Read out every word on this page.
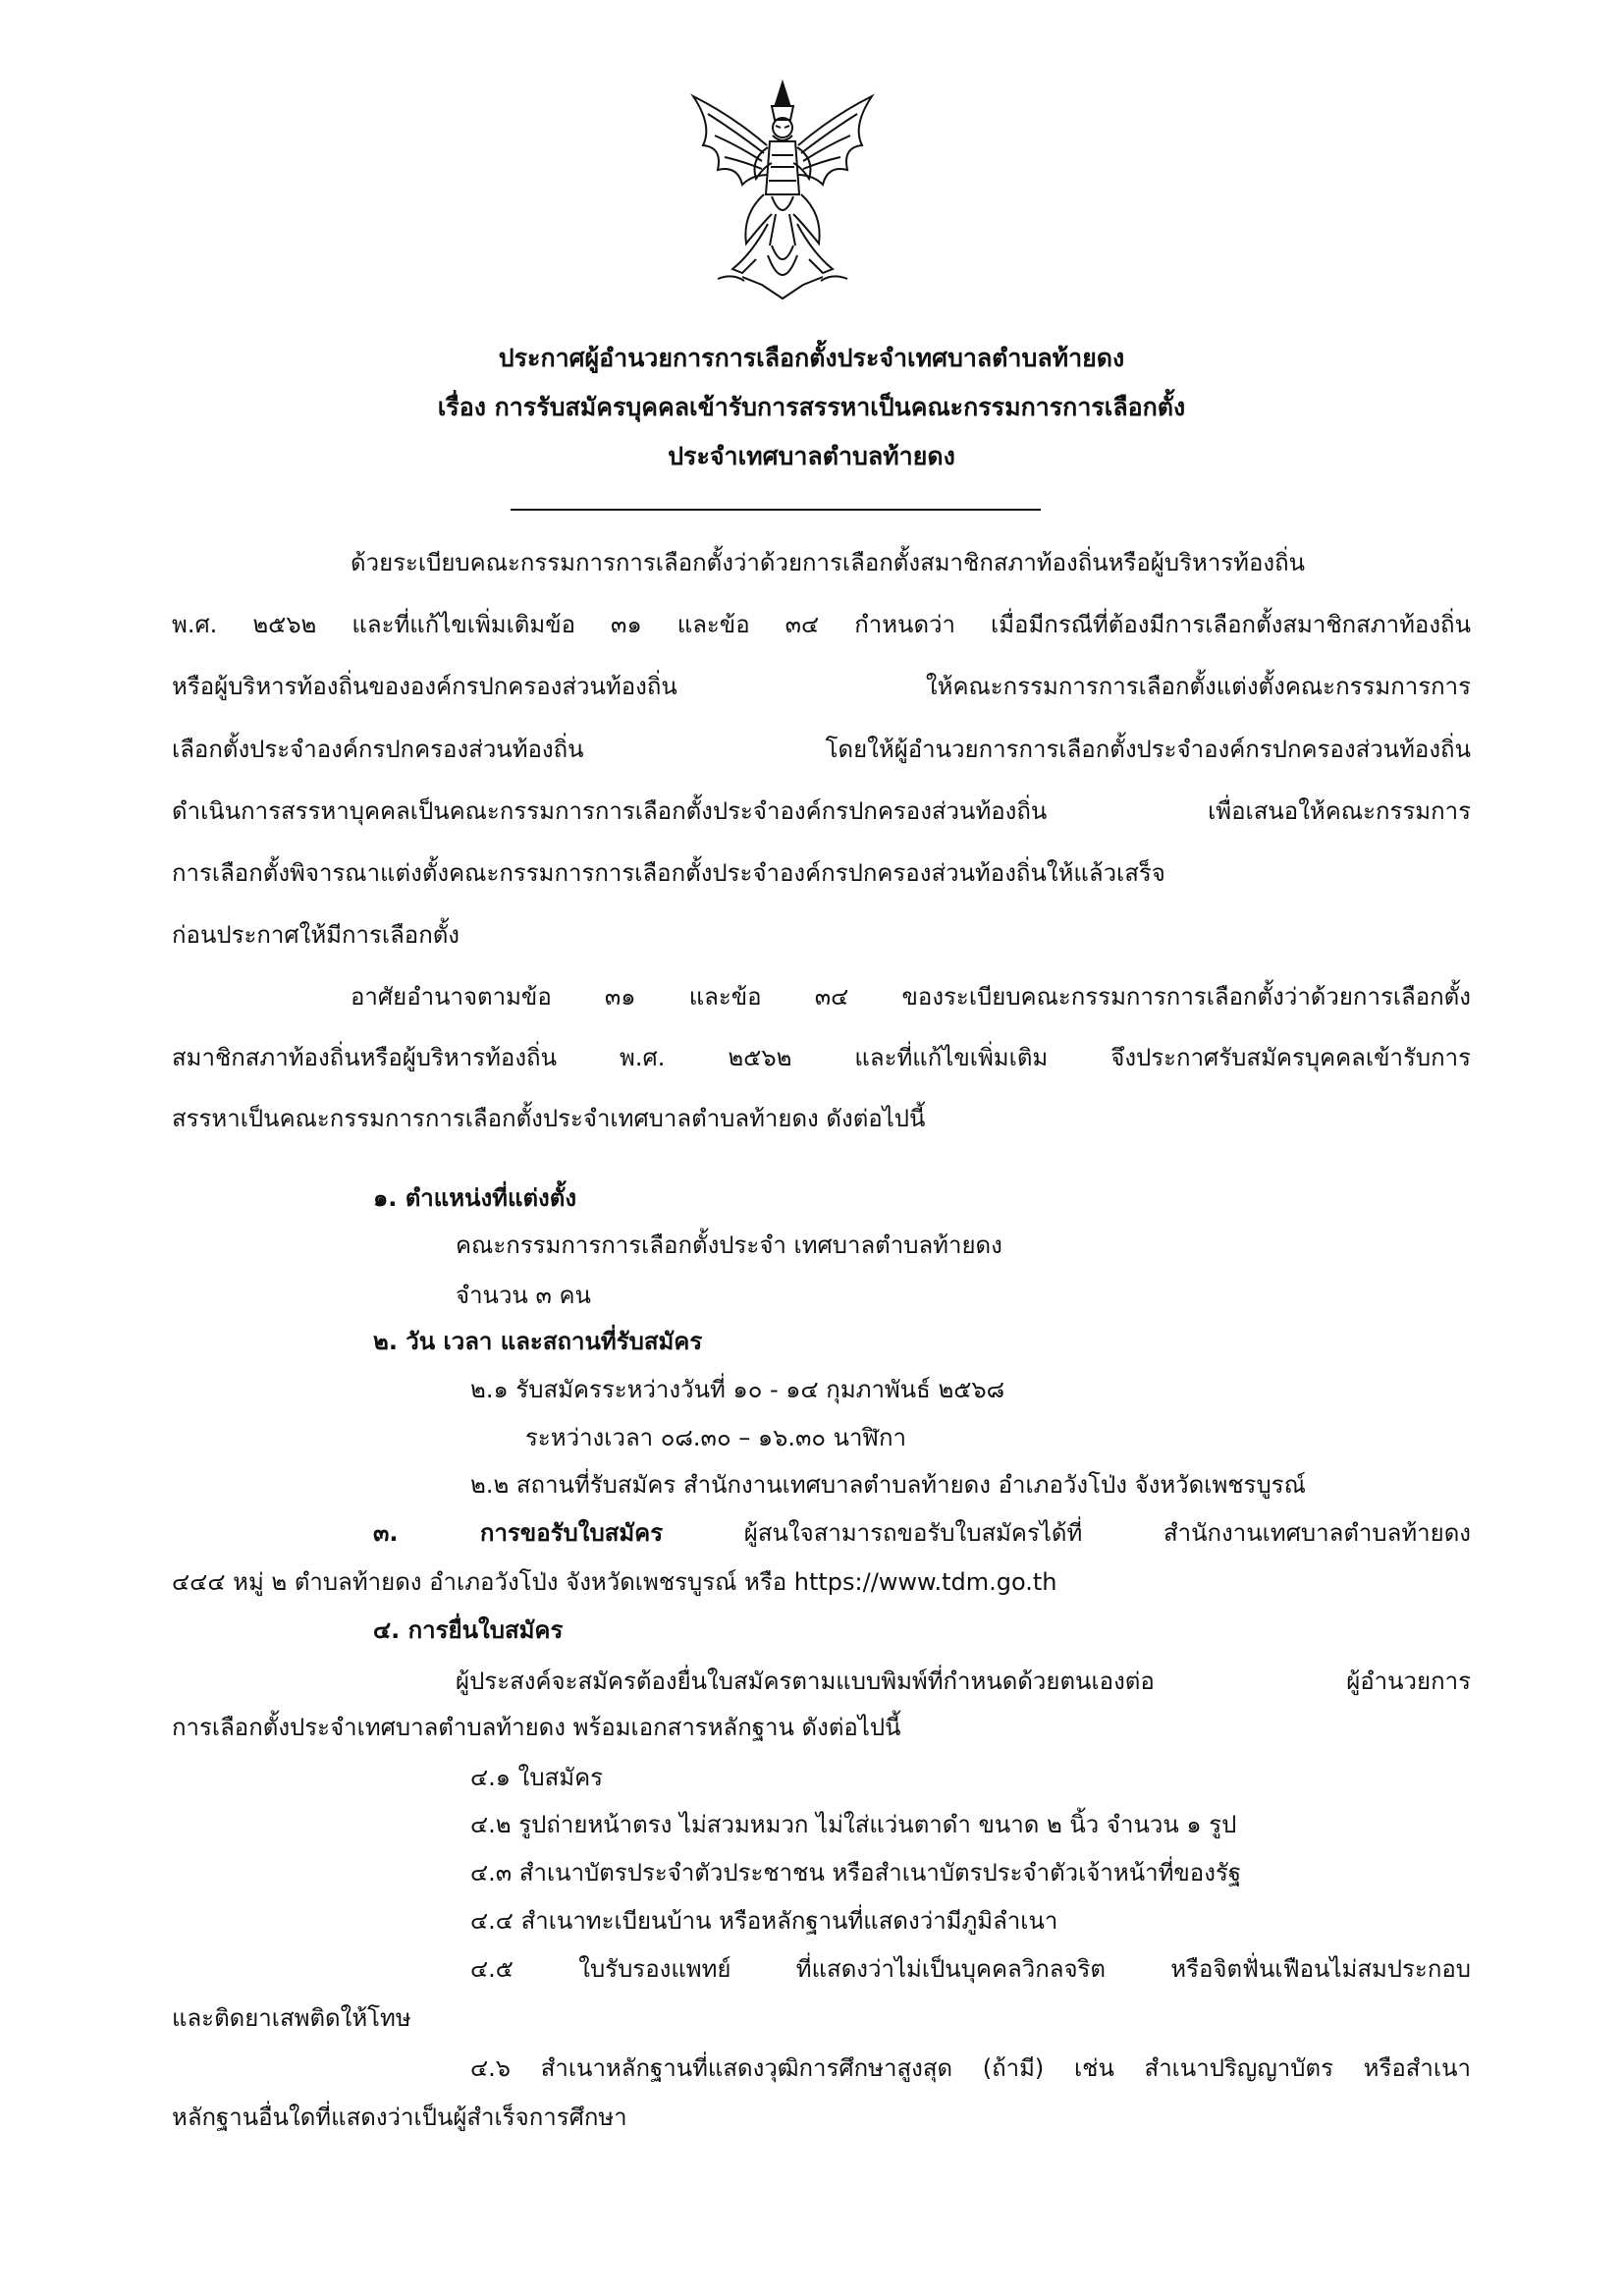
ประกาศผู้อำนวยการการเลือกตั้งประจำเทศบาลตำบลท้ายดง
เรื่อง การรับสมัครบุคคลเข้ารับการสรรหาเป็นคณะกรรมการการเลือกตั้ง
ประจำเทศบาลตำบลท้ายดง
ด้วยระเบียบคณะกรรมการการเลือกตั้งว่าด้วยการเลือกตั้งสมาชิกสภาท้องถิ่นหรือผู้บริหารท้องถิ่น
พ.ศ. ๒๕๖๒ และที่แก้ไขเพิ่มเติมข้อ ๓๑ และข้อ ๓๔ กำหนดว่า เมื่อมีกรณีที่ต้องมีการเลือกตั้งสมาชิกสภาท้องถิ่น
หรือผู้บริหารท้องถิ่นขององค์กรปกครองส่วนท้องถิ่น ให้คณะกรรมการการเลือกตั้งแต่งตั้งคณะกรรมการการ
เลือกตั้งประจำองค์กรปกครองส่วนท้องถิ่น โดยให้ผู้อำนวยการการเลือกตั้งประจำองค์กรปกครองส่วนท้องถิ่น
ดำเนินการสรรหาบุคคลเป็นคณะกรรมการการเลือกตั้งประจำองค์กรปกครองส่วนท้องถิ่น เพื่อเสนอให้คณะกรรมการ
การเลือกตั้งพิจารณาแต่งตั้งคณะกรรมการการเลือกตั้งประจำองค์กรปกครองส่วนท้องถิ่นให้แล้วเสร็จ
ก่อนประกาศให้มีการเลือกตั้ง
อาศัยอำนาจตามข้อ ๓๑ และข้อ ๓๔ ของระเบียบคณะกรรมการการเลือกตั้งว่าด้วยการเลือกตั้ง
สมาชิกสภาท้องถิ่นหรือผู้บริหารท้องถิ่น พ.ศ. ๒๕๖๒ และที่แก้ไขเพิ่มเติม จึงประกาศรับสมัครบุคคลเข้ารับการ
สรรหาเป็นคณะกรรมการการเลือกตั้งประจำเทศบาลตำบลท้ายดง ดังต่อไปนี้
๑. ตำแหน่งที่แต่งตั้ง
คณะกรรมการการเลือกตั้งประจำ เทศบาลตำบลท้ายดง
จำนวน ๓ คน
๒. วัน เวลา และสถานที่รับสมัคร
๒.๑ รับสมัครระหว่างวันที่ ๑๐ - ๑๔ กุมภาพันธ์ ๒๕๖๘
ระหว่างเวลา ๐๘.๓๐ – ๑๖.๓๐ นาฬิกา
๒.๒ สถานที่รับสมัคร สำนักงานเทศบาลตำบลท้ายดง อำเภอวังโป่ง จังหวัดเพชรบูรณ์
๓. การขอรับใบสมัคร	ผู้สนใจสามารถขอรับใบสมัครได้ที่ สำนักงานเทศบาลตำบลท้ายดง
๔๔๔ หมู่ ๒ ตำบลท้ายดง อำเภอวังโป่ง จังหวัดเพชรบูรณ์ หรือ https://www.tdm.go.th
๔. การยื่นใบสมัคร
ผู้ประสงค์จะสมัครต้องยื่นใบสมัครตามแบบพิมพ์ที่กำหนดด้วยตนเองต่อ ผู้อำนวยการ
การเลือกตั้งประจำเทศบาลตำบลท้ายดง พร้อมเอกสารหลักฐาน ดังต่อไปนี้
๔.๑ ใบสมัคร
๔.๒ รูปถ่ายหน้าตรง ไม่สวมหมวก ไม่ใส่แว่นตาดำ ขนาด ๒ นิ้ว จำนวน ๑ รูป
๔.๓ สำเนาบัตรประจำตัวประชาชน หรือสำเนาบัตรประจำตัวเจ้าหน้าที่ของรัฐ
๔.๔ สำเนาทะเบียนบ้าน หรือหลักฐานที่แสดงว่ามีภูมิลำเนา
๔.๕ ใบรับรองแพทย์ ที่แสดงว่าไม่เป็นบุคคลวิกลจริต หรือจิตฟั่นเฟือนไม่สมประกอบ
และติดยาเสพติดให้โทษ
๔.๖ สำเนาหลักฐานที่แสดงวุฒิการศึกษาสูงสุด (ถ้ามี) เช่น สำเนาปริญญาบัตร หรือสำเนา
หลักฐานอื่นใดที่แสดงว่าเป็นผู้สำเร็จการศึกษา
